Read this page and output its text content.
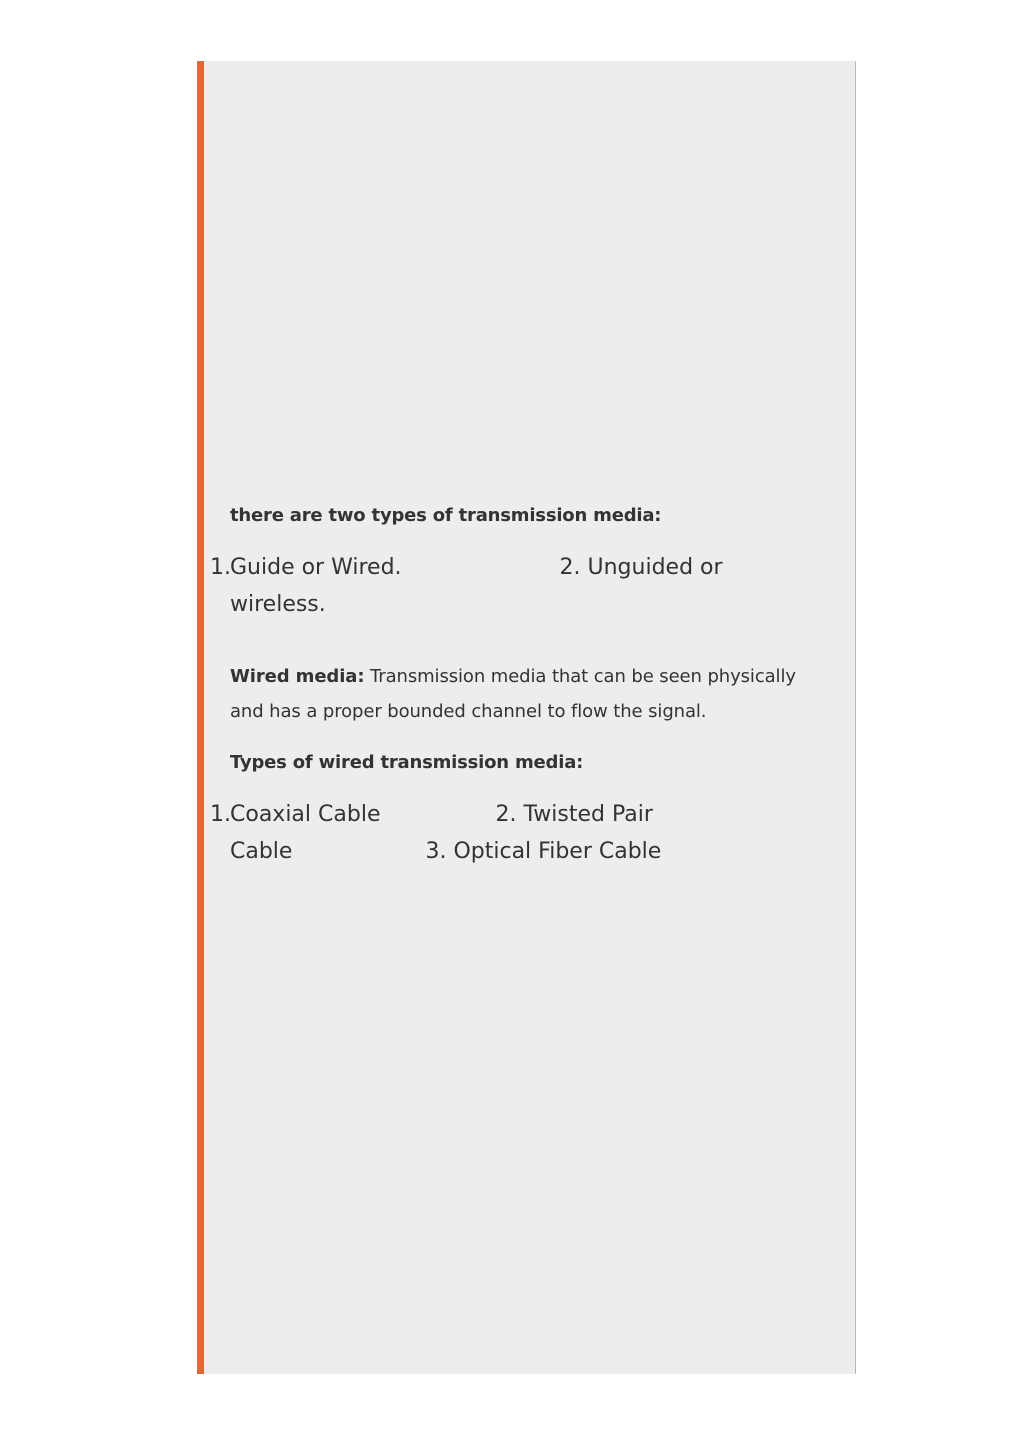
there are two types of transmission media:

1. Guide or Wired.	2. Unguided or
wireless.

Wired media: Transmission media that can be seen physically and has a proper bounded channel to flow the signal.

Types of wired transmission media:

1. Coaxial Cable	2. Twisted Pair
Cable	3. Optical Fiber Cable
